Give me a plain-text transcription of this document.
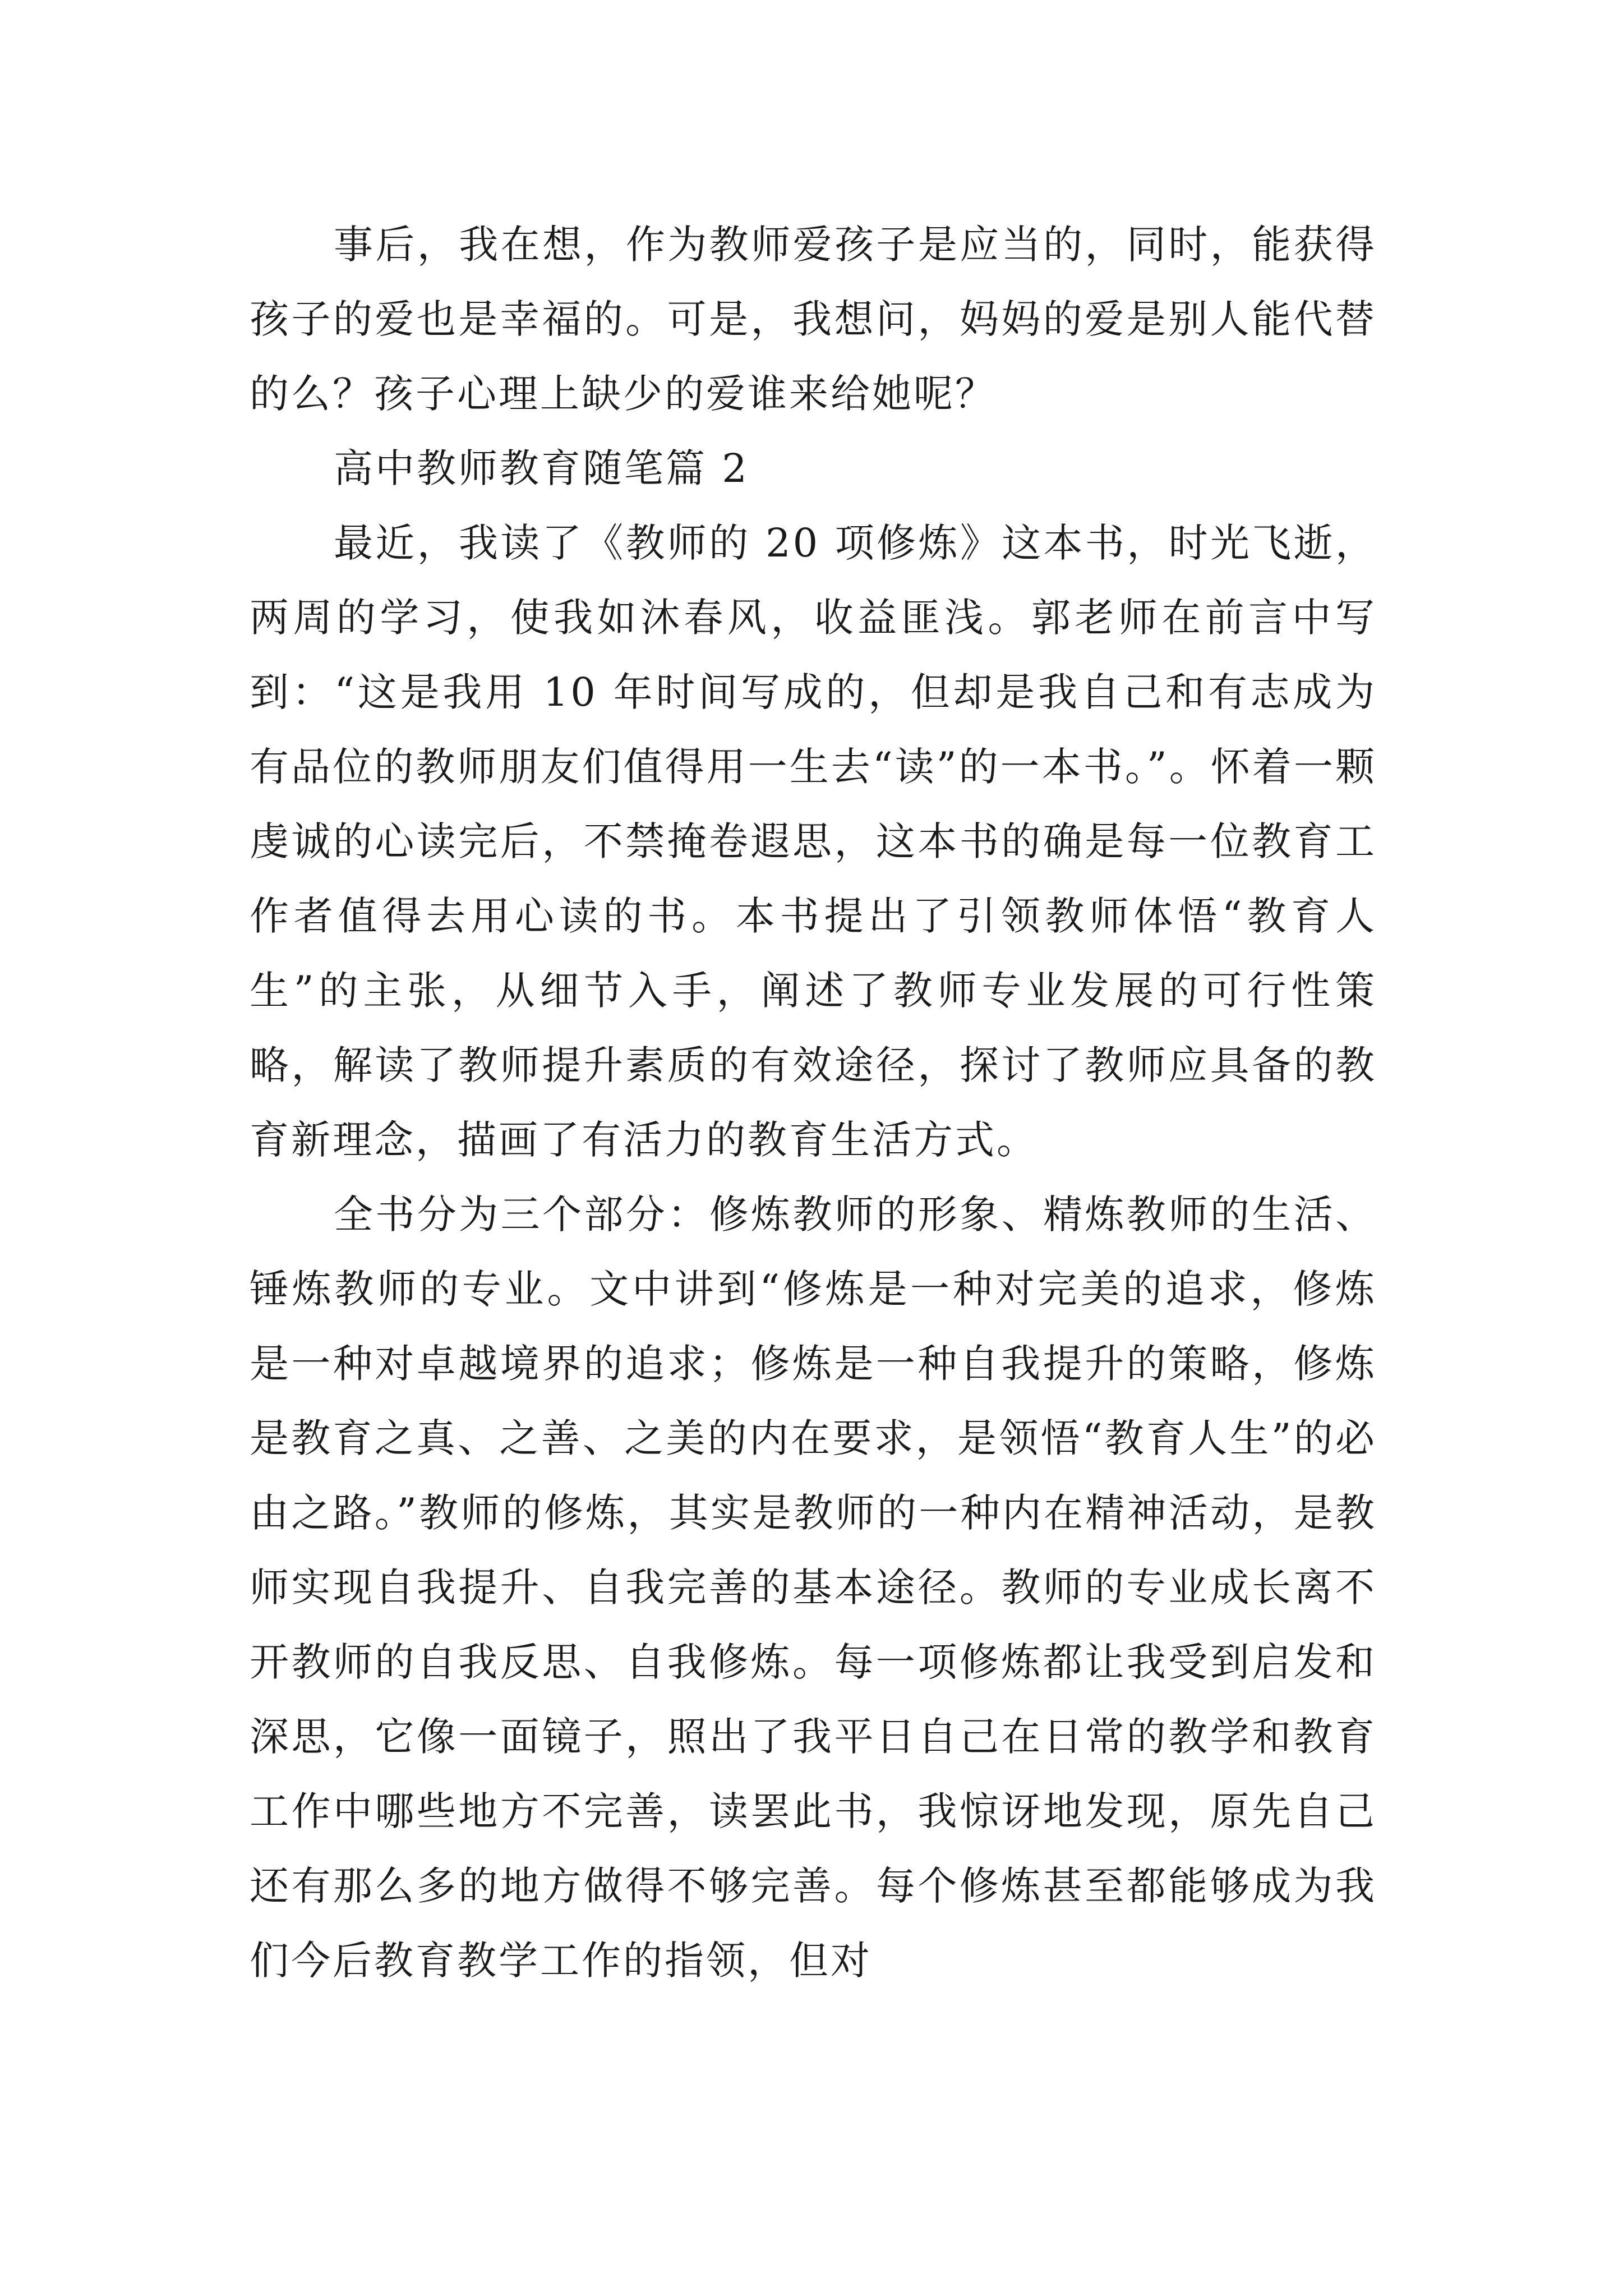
事后，我在想，作为教师爱孩子是应当的，同时，能获得孩子的爱也是幸福的。可是，我想问，妈妈的爱是别人能代替的么？孩子心理上缺少的爱谁来给她呢？

高中教师教育随笔篇 2

最近，我读了《教师的 20 项修炼》这本书，时光飞逝，两周的学习，使我如沐春风，收益匪浅。郭老师在前言中写到：“这是我用 10 年时间写成的，但却是我自己和有志成为有品位的教师朋友们值得用一生去“读”的一本书。”。怀着一颗虔诚的心读完后，不禁掩卷遐思，这本书的确是每一位教育工作者值得去用心读的书。本书提出了引领教师体悟“教育人生”的主张，从细节入手，阐述了教师专业发展的可行性策略，解读了教师提升素质的有效途径，探讨了教师应具备的教育新理念，描画了有活力的教育生活方式。

全书分为三个部分：修炼教师的形象、精炼教师的生活、锤炼教师的专业。文中讲到“修炼是一种对完美的追求，修炼是一种对卓越境界的追求；修炼是一种自我提升的策略，修炼是教育之真、之善、之美的内在要求，是领悟“教育人生”的必由之路。”教师的修炼，其实是教师的一种内在精神活动，是教师实现自我提升、自我完善的基本途径。教师的专业成长离不开教师的自我反思、自我修炼。每一项修炼都让我受到启发和深思，它像一面镜子，照出了我平日自己在日常的教学和教育工作中哪些地方不完善，读罢此书，我惊讶地发现，原先自己还有那么多的地方做得不够完善。每个修炼甚至都能够成为我们今后教育教学工作的指领，但对
